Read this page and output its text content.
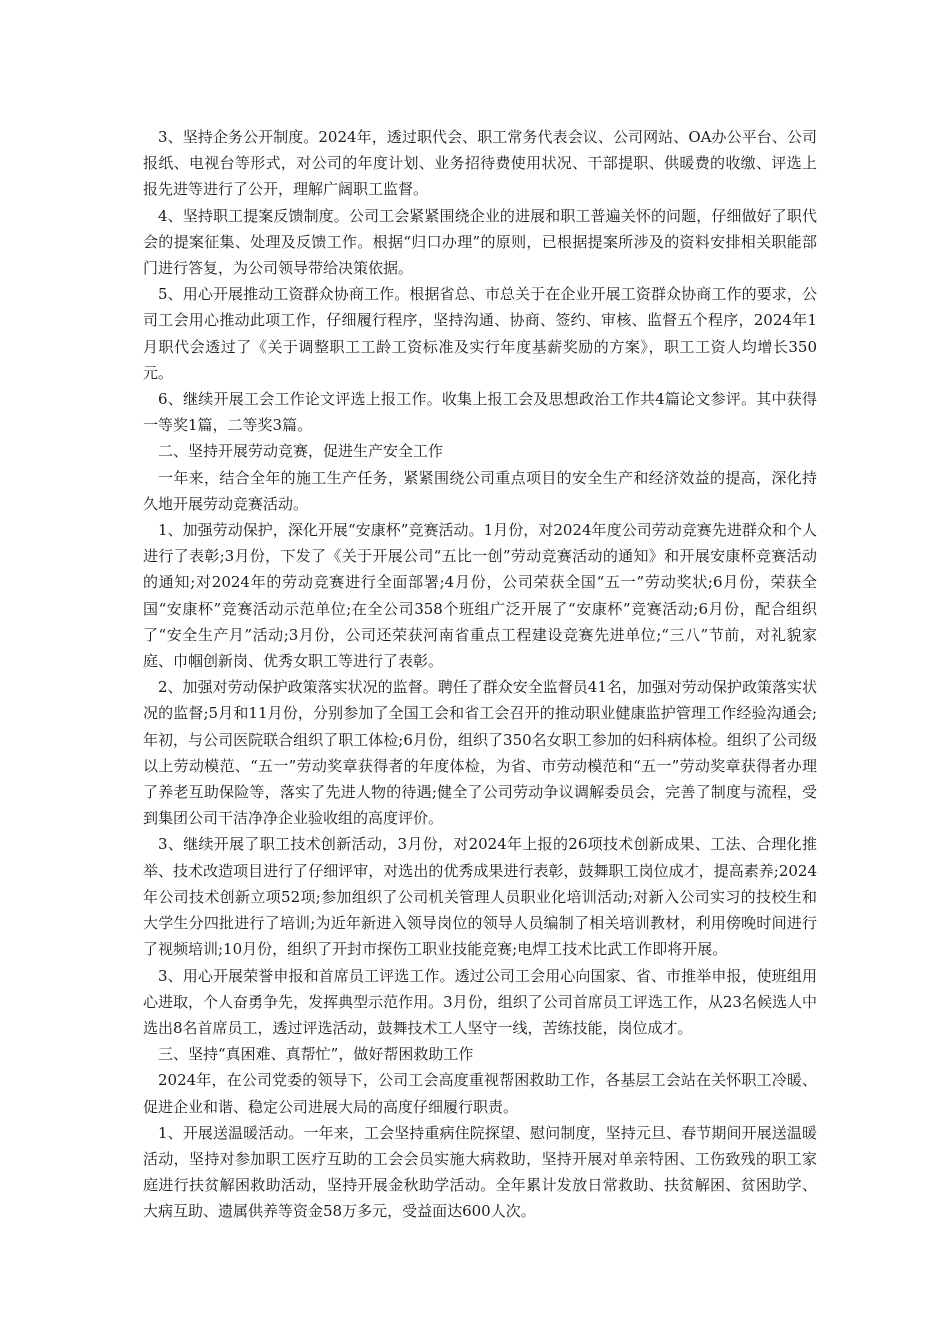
3、坚持企务公开制度。2024年，透过职代会、职工常务代表会议、公司网站、OA办公平台、公司报纸、电视台等形式，对公司的年度计划、业务招待费使用状况、干部提职、供暖费的收缴、评选上报先进等进行了公开，理解广阔职工监督。

4、坚持职工提案反馈制度。公司工会紧紧围绕企业的进展和职工普遍关怀的问题，仔细做好了职代会的提案征集、处理及反馈工作。根据“归口办理”的原则，已根据提案所涉及的资料安排相关职能部门进行答复，为公司领导带给决策依据。

5、用心开展推动工资群众协商工作。根据省总、市总关于在企业开展工资群众协商工作的要求，公司工会用心推动此项工作，仔细履行程序，坚持沟通、协商、签约、审核、监督五个程序，2024年1月职代会透过了《关于调整职工工龄工资标准及实行年度基薪奖励的方案》，职工工资人均增长350元。

6、继续开展工会工作论文评选上报工作。收集上报工会及思想政治工作共4篇论文参评。其中获得一等奖1篇，二等奖3篇。

二、坚持开展劳动竞赛，促进生产安全工作

一年来，结合全年的施工生产任务，紧紧围绕公司重点项目的安全生产和经济效益的提高，深化持久地开展劳动竞赛活动。

1、加强劳动保护，深化开展“安康杯”竞赛活动。1月份，对2024年度公司劳动竞赛先进群众和个人进行了表彰;3月份，下发了《关于开展公司“五比一创”劳动竞赛活动的通知》和开展安康杯竞赛活动的通知;对2024年的劳动竞赛进行全面部署;4月份，公司荣获全国“五一”劳动奖状;6月份，荣获全国“安康杯”竞赛活动示范单位;在全公司358个班组广泛开展了“安康杯”竞赛活动;6月份，配合组织了“安全生产月”活动;3月份，公司还荣获河南省重点工程建设竞赛先进单位;“三八”节前，对礼貌家庭、巾帼创新岗、优秀女职工等进行了表彰。

2、加强对劳动保护政策落实状况的监督。聘任了群众安全监督员41名，加强对劳动保护政策落实状况的监督;5月和11月份，分别参加了全国工会和省工会召开的推动职业健康监护管理工作经验沟通会;年初，与公司医院联合组织了职工体检;6月份，组织了350名女职工参加的妇科病体检。组织了公司级以上劳动模范、“五一”劳动奖章获得者的年度体检，为省、市劳动模范和“五一”劳动奖章获得者办理了养老互助保险等，落实了先进人物的待遇;健全了公司劳动争议调解委员会，完善了制度与流程，受到集团公司干洁净净企业验收组的高度评价。

3、继续开展了职工技术创新活动，3月份，对2024年上报的26项技术创新成果、工法、合理化推举、技术改造项目进行了仔细评审，对选出的优秀成果进行表彰，鼓舞职工岗位成才，提高素养;2024年公司技术创新立项52项;参加组织了公司机关管理人员职业化培训活动;对新入公司实习的技校生和大学生分四批进行了培训;为近年新进入领导岗位的领导人员编制了相关培训教材，利用傍晚时间进行了视频培训;10月份，组织了开封市探伤工职业技能竞赛;电焊工技术比武工作即将开展。

3、用心开展荣誉申报和首席员工评选工作。透过公司工会用心向国家、省、市推举申报，使班组用心进取，个人奋勇争先，发挥典型示范作用。3月份，组织了公司首席员工评选工作，从23名候选人中选出8名首席员工，透过评选活动，鼓舞技术工人坚守一线，苦练技能，岗位成才。

三、坚持“真困难、真帮忙”，做好帮困救助工作

2024年，在公司党委的领导下，公司工会高度重视帮困救助工作，各基层工会站在关怀职工冷暖、促进企业和谐、稳定公司进展大局的高度仔细履行职责。

1、开展送温暖活动。一年来，工会坚持重病住院探望、慰问制度，坚持元旦、春节期间开展送温暖活动，坚持对参加职工医疗互助的工会会员实施大病救助，坚持开展对单亲特困、工伤致残的职工家庭进行扶贫解困救助活动，坚持开展金秋助学活动。全年累计发放日常救助、扶贫解困、贫困助学、大病互助、遗属供养等资金58万多元，受益面达600人次。
